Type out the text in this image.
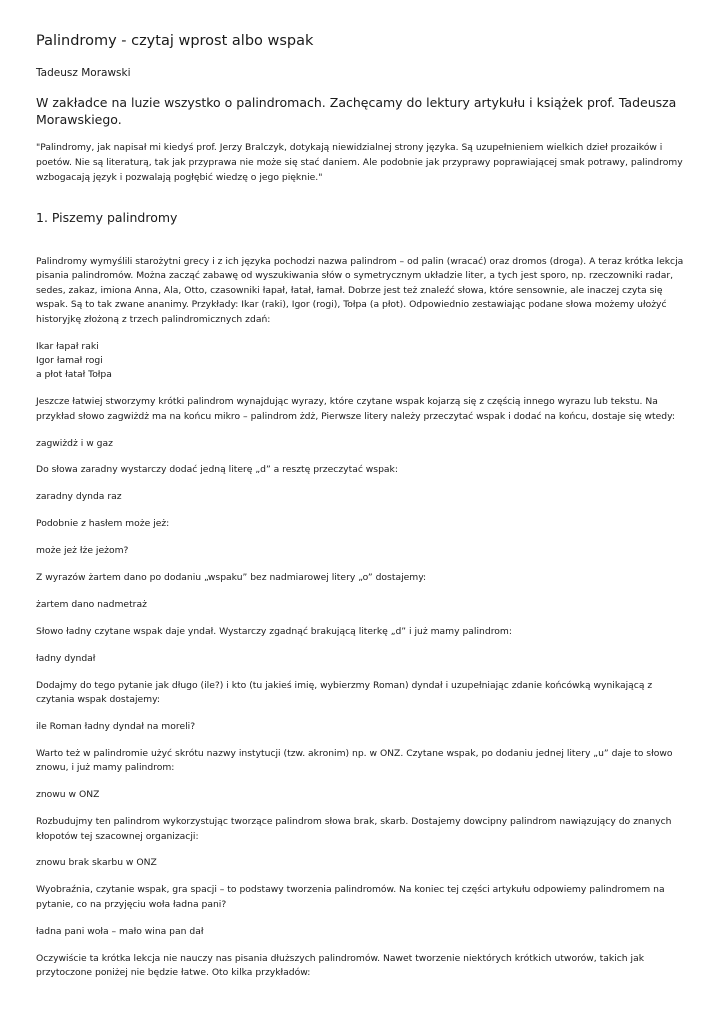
Palindromy - czytaj wprost albo wspak
Tadeusz Morawski
W zakładce na luzie wszystko o palindromach. Zachęcamy do lektury artykułu i książek prof. Tadeusza Morawskiego.
"Palindromy, jak napisał mi kiedyś prof. Jerzy Bralczyk, dotykają niewidzialnej strony języka. Są uzupełnieniem wielkich dzieł prozaików i poetów. Nie są literaturą, tak jak przyprawa nie może się stać daniem. Ale podobnie jak przyprawy poprawiającej smak potrawy, palindromy wzbogacają język i pozwalają pogłębić wiedzę o jego pięknie."
1. Piszemy palindromy

Palindromy wymyślili starożytni grecy i z ich języka pochodzi nazwa palindrom – od palin (wracać) oraz dromos (droga). A teraz krótka lekcja pisania palindromów. Można zacząć zabawę od wyszukiwania słów o symetrycznym układzie liter, a tych jest sporo, np. rzeczowniki radar, sedes, zakaz, imiona Anna, Ala, Otto, czasowniki łapał, łatał, łamał. Dobrze jest też znaleźć słowa, które sensownie, ale inaczej czyta się wspak. Są to tak zwane ananimy. Przykłady: Ikar (raki), Igor (rogi), Tołpa (a płot). Odpowiednio zestawiając podane słowa możemy ułożyć historyjkę złożoną z trzech palindromicznych zdań:

Ikar łapał raki
Igor łamał rogi
a płot łatał Tołpa

Jeszcze łatwiej stworzymy krótki palindrom wynajdując wyrazy, które czytane wspak kojarzą się z częścią innego wyrazu lub tekstu. Na przykład słowo zagwiżdż ma na końcu mikro – palindrom żdż, Pierwsze litery należy przeczytać wspak i dodać na końcu, dostaje się wtedy:

zagwiżdż i w gaz

Do słowa zaradny wystarczy dodać jedną literę „d” a resztę przeczytać wspak:

zaradny dynda raz

Podobnie z hasłem może jeż:

może jeż łże jeżom?

Z wyrazów żartem dano po dodaniu „wspaku” bez nadmiarowej litery „o” dostajemy:

żartem dano nadmetraż

Słowo ładny czytane wspak daje yndał. Wystarczy zgadnąć brakującą literkę „d” i już mamy palindrom:

ładny dyndał

Dodajmy do tego pytanie jak długo (ile?) i kto (tu jakieś imię, wybierzmy Roman) dyndał i uzupełniając zdanie końcówką wynikającą z czytania wspak dostajemy:

ile Roman ładny dyndał na moreli?

Warto też w palindromie użyć skrótu nazwy instytucji (tzw. akronim) np. w ONZ. Czytane wspak, po dodaniu jednej litery „u” daje to słowo znowu, i już mamy palindrom:

znowu w ONZ

Rozbudujmy ten palindrom wykorzystując tworzące palindrom słowa brak, skarb. Dostajemy dowcipny palindrom nawiązujący do znanych kłopotów tej szacownej organizacji:

znowu brak skarbu w ONZ

Wyobraźnia, czytanie wspak, gra spacji – to podstawy tworzenia palindromów. Na koniec tej części artykułu odpowiemy palindromem na pytanie, co na przyjęciu woła ładna pani?

ładna pani woła – mało wina pan dał

Oczywiście ta krótka lekcja nie nauczy nas pisania dłuższych palindromów. Nawet tworzenie niektórych krótkich utworów, takich jak przytoczone poniżej nie będzie łatwe. Oto kilka przykładów:
